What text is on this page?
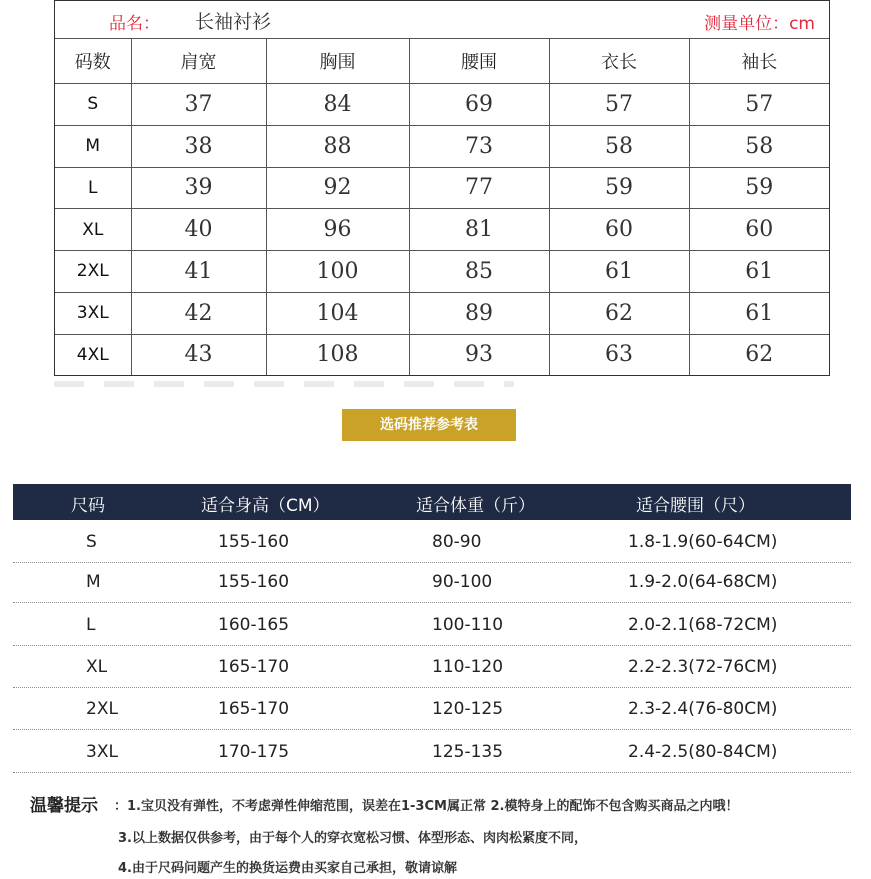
品名： 长袖衬衫	测量单位：cm
码数	肩宽	胸围	腰围	衣长	袖长
S	37	84	69	57	57
M	38	88	73	58	58
L	39	92	77	59	59
XL	40	96	81	60	60
2XL	41	100	85	61	61
3XL	42	104	89	62	61
4XL	43	108	93	63	62
选码推荐参考表
尺码	适合身高（CM）	适合体重（斤）	适合腰围（尺）
S	155-160	80-90	1.8-1.9(60-64CM)
M	155-160	90-100	1.9-2.0(64-68CM)
L	160-165	100-110	2.0-2.1(68-72CM)
XL	165-170	110-120	2.2-2.3(72-76CM)
2XL	165-170	120-125	2.3-2.4(76-80CM)
3XL	170-175	125-135	2.4-2.5(80-84CM)
温馨提示 ：1.宝贝没有弹性，不考虑弹性伸缩范围，误差在1-3CM属正常 2.模特身上的配饰不包含购买商品之内哦！
3.以上数据仅供参考，由于每个人的穿衣宽松习惯、体型形态、肉肉松紧度不同，
4.由于尺码问题产生的换货运费由买家自己承担，敬请谅解
